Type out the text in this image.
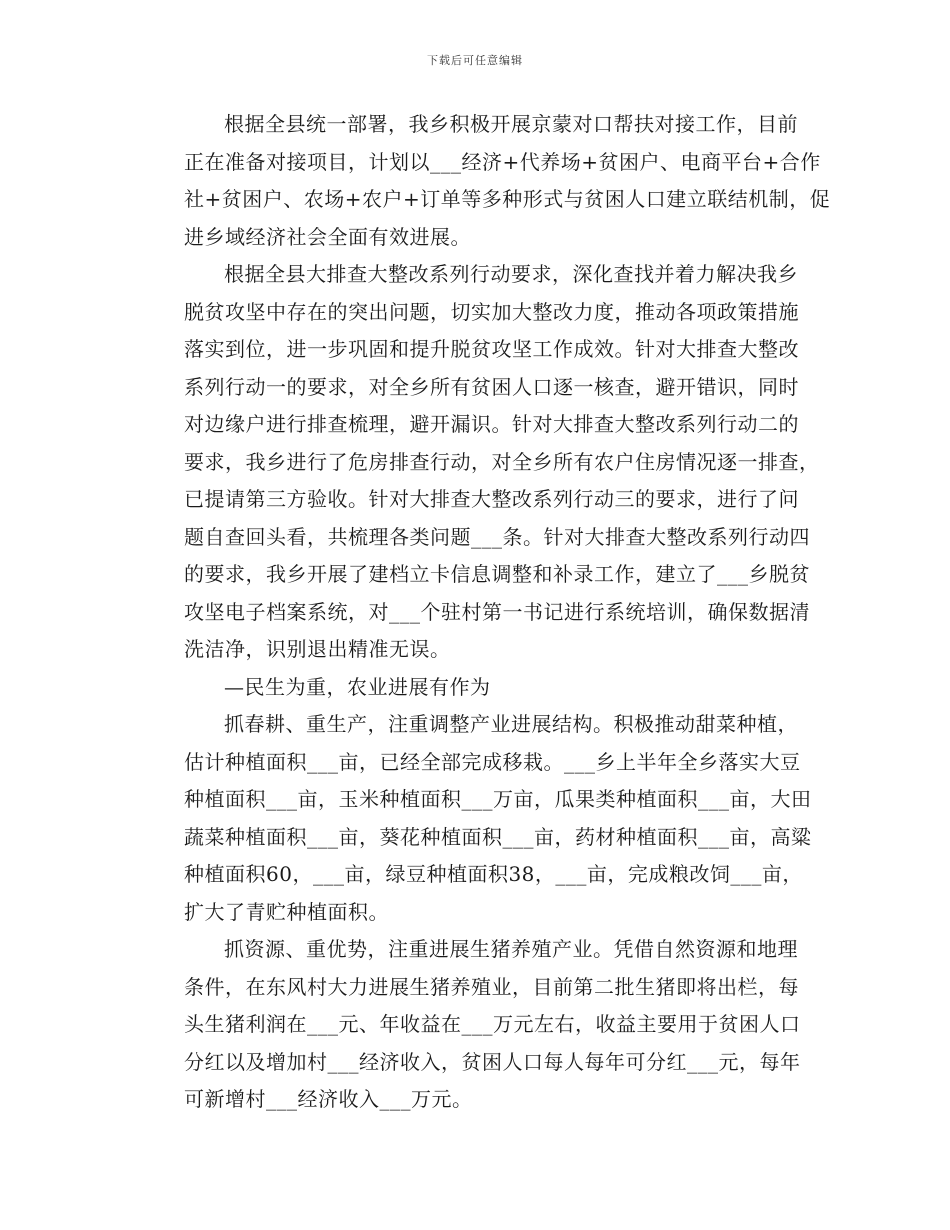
下载后可任意编辑
根据全县统一部署，我乡积极开展京蒙对口帮扶对接工作，目前
正在准备对接项目，计划以___经济+代养场+贫困户、电商平台+合作
社+贫困户、农场+农户+订单等多种形式与贫困人口建立联结机制，促
进乡域经济社会全面有效进展。
根据全县大排查大整改系列行动要求，深化查找并着力解决我乡
脱贫攻坚中存在的突出问题，切实加大整改力度，推动各项政策措施
落实到位，进一步巩固和提升脱贫攻坚工作成效。针对大排查大整改
系列行动一的要求，对全乡所有贫困人口逐一核查，避开错识，同时
对边缘户进行排查梳理，避开漏识。针对大排查大整改系列行动二的
要求，我乡进行了危房排查行动，对全乡所有农户住房情况逐一排查，
已提请第三方验收。针对大排查大整改系列行动三的要求，进行了问
题自查回头看，共梳理各类问题___条。针对大排查大整改系列行动四
的要求，我乡开展了建档立卡信息调整和补录工作，建立了___乡脱贫
攻坚电子档案系统，对___个驻村第一书记进行系统培训，确保数据清
洗洁净，识别退出精准无误。
—民生为重，农业进展有作为
抓春耕、重生产，注重调整产业进展结构。积极推动甜菜种植，
估计种植面积___亩，已经全部完成移栽。___乡上半年全乡落实大豆
种植面积___亩，玉米种植面积___万亩，瓜果类种植面积___亩，大田
蔬菜种植面积___亩，葵花种植面积___亩，药材种植面积___亩，高粱
种植面积60，___亩，绿豆种植面积38，___亩，完成粮改饲___亩，
扩大了青贮种植面积。
抓资源、重优势，注重进展生猪养殖产业。凭借自然资源和地理
条件，在东风村大力进展生猪养殖业，目前第二批生猪即将出栏，每
头生猪利润在___元、年收益在___万元左右，收益主要用于贫困人口
分红以及增加村___经济收入，贫困人口每人每年可分红___元，每年
可新增村___经济收入___万元。
